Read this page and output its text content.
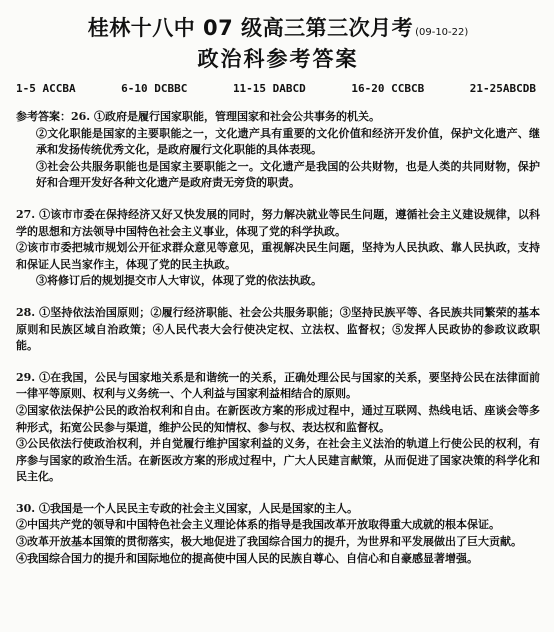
桂林十八中 07 级高三第三次月考 (09-10-22)
政治科参考答案
1-5 ACCBA	6-10 DCBBC	11-15 DABCD	16-20 CCBCB	21-25ABCDB

参考答案：26. ①政府是履行国家职能，管理国家和社会公共事务的机关。

②文化职能是国家的主要职能之一，文化遗产具有重要的文化价值和经济开发价值，保护文化遗产、继承和发扬传统优秀文化，是政府履行文化职能的具体表现。

③社会公共服务职能也是国家主要职能之一。文化遗产是我国的公共财物，也是人类的共同财物，保护好和合理开发好各种文化遗产是政府责无旁贷的职责。

27. ①该市市委在保持经济又好又快发展的同时，努力解决就业等民生问题，遵循社会主义建设规律，以科学的思想和方法领导中国特色社会主义事业，体现了党的科学执政。

②该市市委把城市规划公开征求群众意见等意见，重视解决民生问题，坚持为人民执政、靠人民执政，支持和保证人民当家作主，体现了党的民主执政。

③将修订后的规划提交市人大审议，体现了党的依法执政。

28. ①坚持依法治国原则；②履行经济职能、社会公共服务职能；③坚持民族平等、各民族共同繁荣的基本原则和民族区域自治政策；④人民代表大会行使决定权、立法权、监督权；⑤发挥人民政协的参政议政职能。

29. ①在我国，公民与国家地关系是和谐统一的关系，正确处理公民与国家的关系，要坚持公民在法律面前一律平等原则、权利与义务统一、个人利益与国家利益相结合的原则。

②国家依法保护公民的政治权利和自由。在新医改方案的形成过程中，通过互联网、热线电话、座谈会等多种形式，拓宽公民参与渠道，维护公民的知情权、参与权、表达权和监督权。

③公民依法行使政治权利，并自觉履行维护国家利益的义务，在社会主义法治的轨道上行使公民的权利，有序参与国家的政治生活。在新医改方案的形成过程中，广大人民建言献策，从而促进了国家决策的科学化和民主化。

30. ①我国是一个人民民主专政的社会主义国家，人民是国家的主人。

②中国共产党的领导和中国特色社会主义理论体系的指导是我国改革开放取得重大成就的根本保证。

③改革开放基本国策的贯彻落实，极大地促进了我国综合国力的提升，为世界和平发展做出了巨大贡献。

④我国综合国力的提升和国际地位的提高使中国人民的民族自尊心、自信心和自豪感显著增强。
